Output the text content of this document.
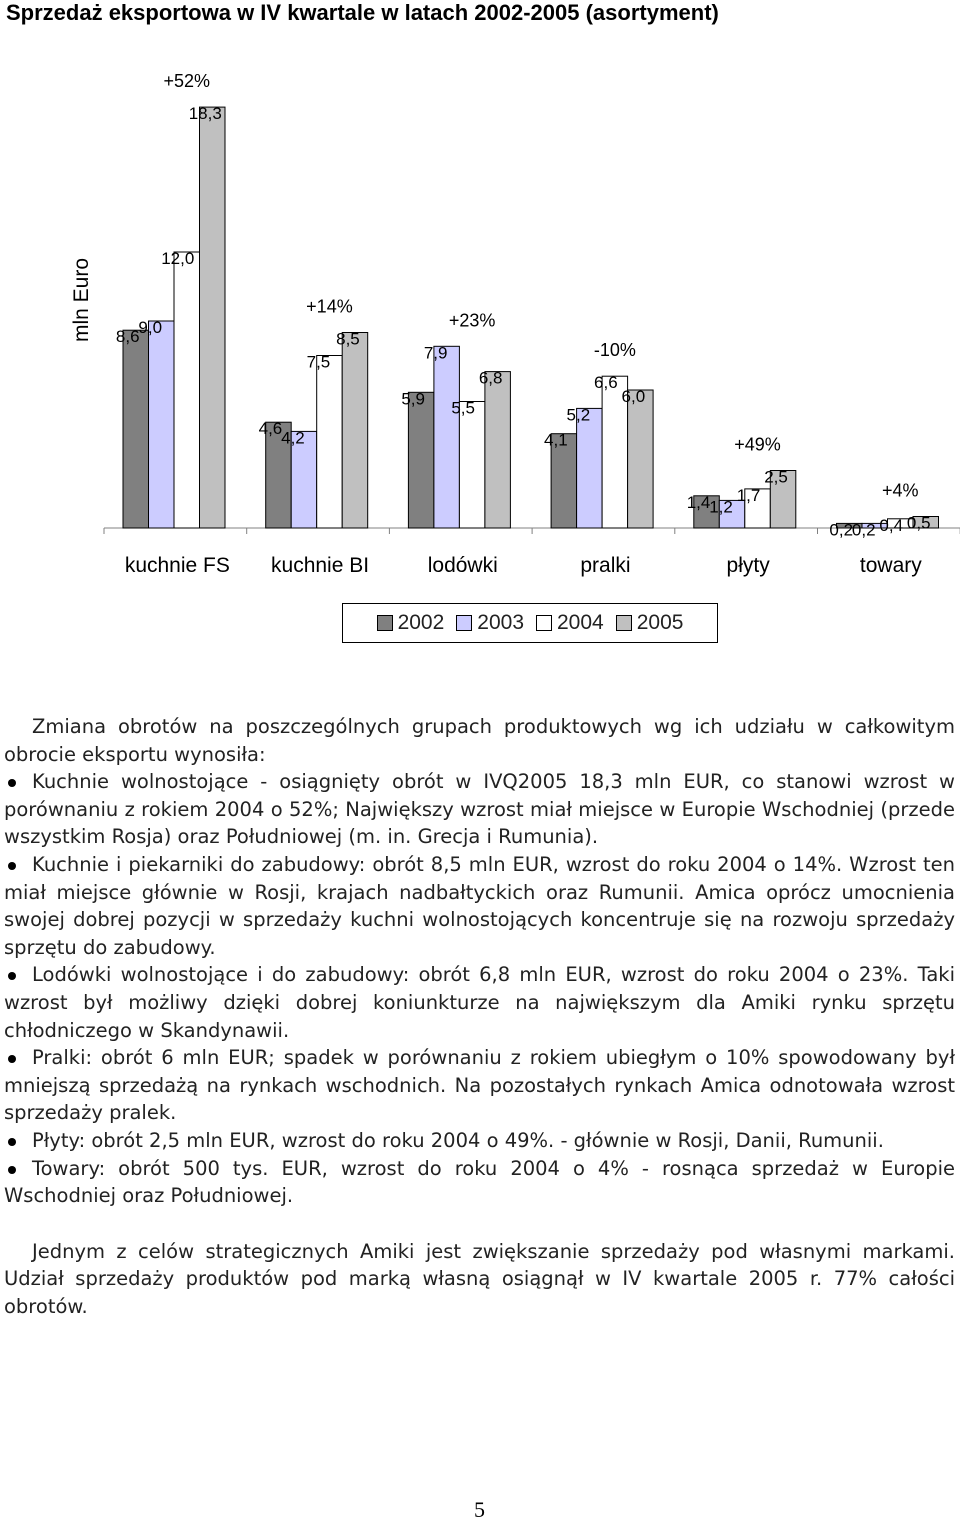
mln Euro 8,6
9,0
12,0
18,3
kuchnie FS
+52%
4,6
4,2
7,5
8,5
kuchnie BI
+14%
5,9
7,9
5,5
6,8
lodówki
+23%
4,1
5,2
6,6
6,0
pralki
-10%
1,4
1,2
1,7
2,5
płyty
+49%
0,2
0,2 0,4 0,5
towary
+4%
Sprzedaż eksportowa w IV kwartale w latach 2002-2005 (asortyment)
2002 2003 2004 2005

Zmiana obrotów na poszczególnych grupach produktowych wg ich udziału w całkowitym obrocie eksportu wynosiła:

Kuchnie wolnostojące - osiągnięty obrót w IVQ2005 18,3 mln EUR, co stanowi wzrost w porównaniu z rokiem 2004 o 52%; Największy wzrost miał miejsce w Europie Wschodniej (przede wszystkim Rosja) oraz Południowej (m. in. Grecja i Rumunia).

Kuchnie i piekarniki do zabudowy: obrót 8,5 mln EUR, wzrost do roku 2004 o 14%. Wzrost ten miał miejsce głównie w Rosji, krajach nadbałtyckich oraz Rumunii. Amica oprócz umocnienia swojej dobrej pozycji w sprzedaży kuchni wolnostojących koncentruje się na rozwoju sprzedaży sprzętu do zabudowy.

Lodówki wolnostojące i do zabudowy: obrót 6,8 mln EUR, wzrost do roku 2004 o 23%. Taki wzrost był możliwy dzięki dobrej koniunkturze na największym dla Amiki rynku sprzętu chłodniczego w Skandynawii.

Pralki: obrót 6 mln EUR; spadek w porównaniu z rokiem ubiegłym o 10% spowodowany był mniejszą sprzedażą na rynkach wschodnich. Na pozostałych rynkach Amica odnotowała wzrost sprzedaży pralek.

Płyty: obrót 2,5 mln EUR, wzrost do roku 2004 o 49%. - głównie w Rosji, Danii, Rumunii.

Towary: obrót 500 tys. EUR, wzrost do roku 2004 o 4% - rosnąca sprzedaż w Europie Wschodniej oraz Południowej.

Jednym z celów strategicznych Amiki jest zwiększanie sprzedaży pod własnymi markami. Udział sprzedaży produktów pod marką własną osiągnął w IV kwartale 2005 r. 77% całości obrotów.

5
